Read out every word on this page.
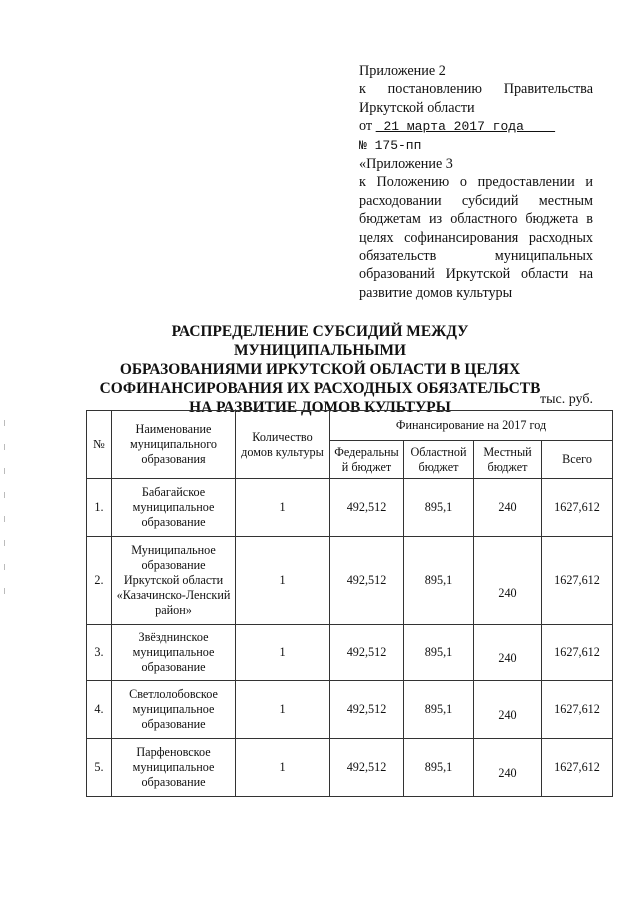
Приложение 2
к постановлению Правительства
Иркутской области
от  21 марта 2017 года
№ 175-пп
«Приложение 3
к Положению о предоставлении и
расходовании субсидий местным
бюджетам из областного бюджета в
целях софинансирования расходных
обязательств муниципальных
образований Иркутской области на
развитие домов культуры
РАСПРЕДЕЛЕНИЕ СУБСИДИЙ МЕЖДУ МУНИЦИПАЛЬНЫМИ
ОБРАЗОВАНИЯМИ ИРКУТСКОЙ ОБЛАСТИ В ЦЕЛЯХ
СОФИНАНСИРОВАНИЯ ИХ РАСХОДНЫХ ОБЯЗАТЕЛЬСТВ
НА РАЗВИТИЕ ДОМОВ КУЛЬТУРЫ	тыс. руб.
№	Наименование муниципального образования	Количество домов культуры	Финансирование на 2017 год			
			Федеральны й бюджет	Областной бюджет	Местный бюджет	Всего
1.	Бабагайское муниципальное образование	1	492,512	895,1	240	1627,612
2.	Муниципальное образование Иркутской области «Казачинско-Ленский район»	1	492,512	895,1	240	1627,612
3.	Звёзднинское муниципальное образование	1	492,512	895,1	240	1627,612
4.	Светлолобовское муниципальное образование	1	492,512	895,1	240	1627,612
5.	Парфеновское муниципальное образование	1	492,512	895,1	240	1627,612
